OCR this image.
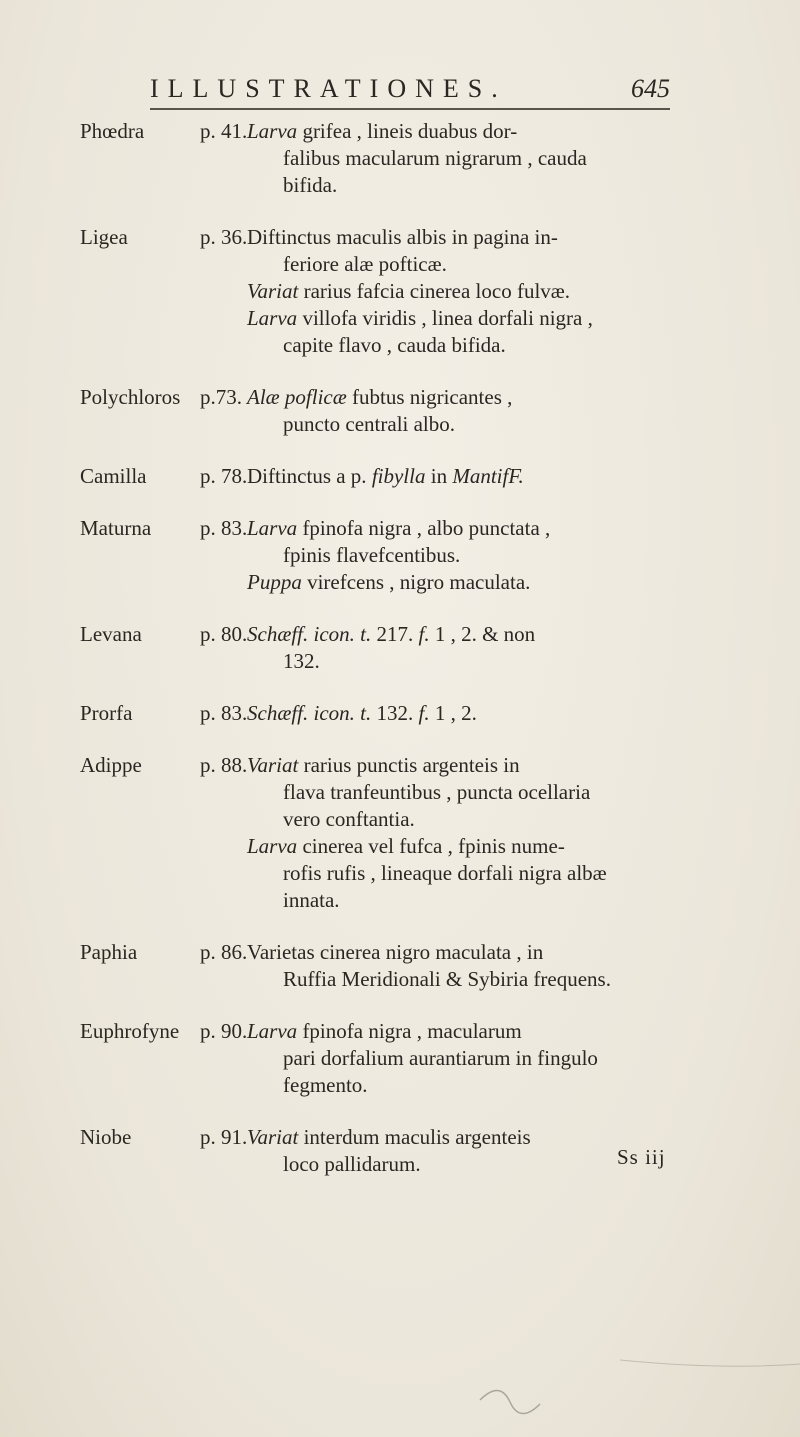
ILLUSTRATIONES.	645
Phœdra	p. 41. Larva grifea , lineis duabus dor-
falibus macularum nigrarum , cauda
bifida.
Ligea	p. 36. Diftinctus maculis albis in pagina in-
feriore alæ pofticæ.
Variat rarius fafcia cinerea loco fulvæ.
Larva villofa viridis , linea dorfali nigra ,
capite flavo , cauda bifida.
Polychloros p.73. Alæ poflicæ fubtus nigricantes ,
puncto centrali albo.
Camilla	p. 78. Diftinctus a p. fibylla in MantifF.
Maturna	p. 83. Larva fpinofa nigra , albo punctata ,
fpinis flavefcentibus.
Puppa virefcens , nigro maculata.
Levana	p. 80. Schæff. icon. t. 217. f. 1 , 2. & non
132.
Prorfa	p. 83. Schæff. icon. t. 132. f. 1 , 2.
Adippe	p. 88. Variat rarius punctis argenteis in
flava tranfeuntibus , puncta ocellaria
vero conftantia.
Larva cinerea vel fufca , fpinis nume-
rofis rufis , lineaque dorfali nigra albæ
innata.
Paphia	p. 86. Varietas cinerea nigro maculata , in
Ruffia Meridionali & Sybiria frequens.
Euphrofyne p. 90. Larva fpinofa nigra , macularum
pari dorfalium aurantiarum in fingulo
fegmento.
Niobe	p. 91. Variat interdum maculis argenteis
loco pallidarum.	Ss iij
